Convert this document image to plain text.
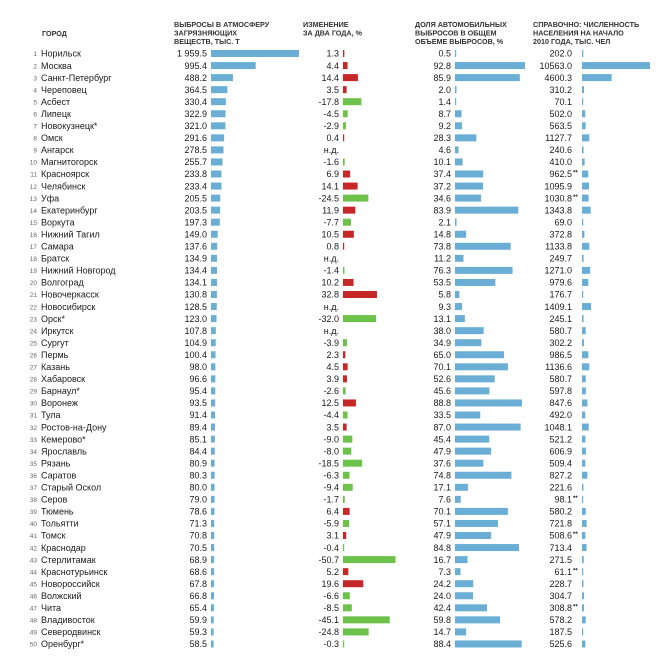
ГОРОД
ВЫБРОСЫ В АТМОСФЕРУ
ЗАГРЯЗНЯЮЩИХ
ВЕЩЕСТВ, ТЫС. Т
ИЗМЕНЕНИЕ
ЗА ДВА ГОДА, %
ДОЛЯ АВТОМОБИЛЬНЫХ
ВЫБРОСОВ В ОБЩЕМ
ОБЪЕМЕ ВЫБРОСОВ, %
СПРАВОЧНО: ЧИСЛЕННОСТЬ
НАСЕЛЕНИЯ НА НАЧАЛО
2010 ГОДА, ТЫС. ЧЕЛ
1 Норильск	1 959.5	1.3	0.5	202.0
2 Москва	995.4	4.4	92.8	10563.0
3 Санкт-Петербург	488.2	14.4	85.9	4600.3
4 Череповец	364.5	3.5	2.0	310.2
5 Асбест	330.4	-17.8	1.4	70.1
6 Липецк	322.9	-4.5	8.7	502.0
7 Новокузнецк*	321.0	-2.9	9.2	563.5
8 Омск	291.6	0.4	28.3	1127.7
9 Ангарск	278.5	н.д.	4.6	240.6
10 Магнитогорск	255.7	-1.6	10.1	410.0
11 Красноярск	233.8	6.9	37.4	962.5 **
12 Челябинск	233.4	14.1	37.2	1095.9
13 Уфа	205.5	-24.5	34.6	1030.8 **
14 Екатеринбург	203.5	11.9	83.9	1343.8
15 Воркута	197.3	-7.7	2.1	69.0
16 Нижний Тагил	149.0	10.5	14.8	372.8
17 Самара	137.6	0.8	73.8	1133.8
18 Братск	134.9	н.д.	11.2	249.7
19 Нижний Новгород	134.4	-1.4	76.3	1271.0
20 Волгоград	134.1	10.2	53.5	979.6
21 Новочеркасск	130.8	32.8	5.8	176.7
22 Новосибирск	128.5	н.д.	9.3	1409.1
23 Орск*	123.0	-32.0	13.1	245.1
24 Иркутск	107.8	н.д.	38.0	580.7
25 Сургут	104.9	-3.9	34.9	302.2
26 Пермь	100.4	2.3	65.0	986.5
27 Казань	98.0	4.5	70.1	1136.6
28 Хабаровск	96.6	3.9	52.6	580.7
29 Барнаул*	95.4	-2.6	45.6	597.8
30 Воронеж	93.5	12.5	88.8	847.6
31 Тула	91.4	-4.4	33.5	492.0
32 Ростов-на-Дону	89.4	3.5	87.0	1048.1
33 Кемерово*	85.1	-9.0	45.4	521.2
34 Ярославль	84.4	-8.0	47.9	606.9
35 Рязань	80.9	-18.5	37.6	509.4
36 Саратов	80.3	-6.3	74.8	827.2
37 Старый Оскол	80.0	-9.4	17.1	221.6
38 Серов	79.0	-1.7	7.6	98.1 **
39 Тюмень	78.6	6.4	70.1	580.2
40 Тольятти	71.3	-5.9	57.1	721.8
41 Томск	70.8	3.1	47.9	508.6 **
42 Краснодар	70.5	-0.4	84.8	713.4
43 Стерлитамак	68.9	-50.7	16.7	271.5
44 Краснотурьинск	68.6	5.2	7.3	61.1 **
45 Новороссийск	67.8	19.6	24.2	228.7
46 Волжский	66.8	-6.6	24.0	304.7
47 Чита	65.4	-8.5	42.4	308.8 **
48 Владивосток	59.9	-45.1	59.8	578.2
49 Северодвинск	59.3	-24.8	14.7	187.5
50 Оренбург*	58.5	-0.3	88.4	525.6
